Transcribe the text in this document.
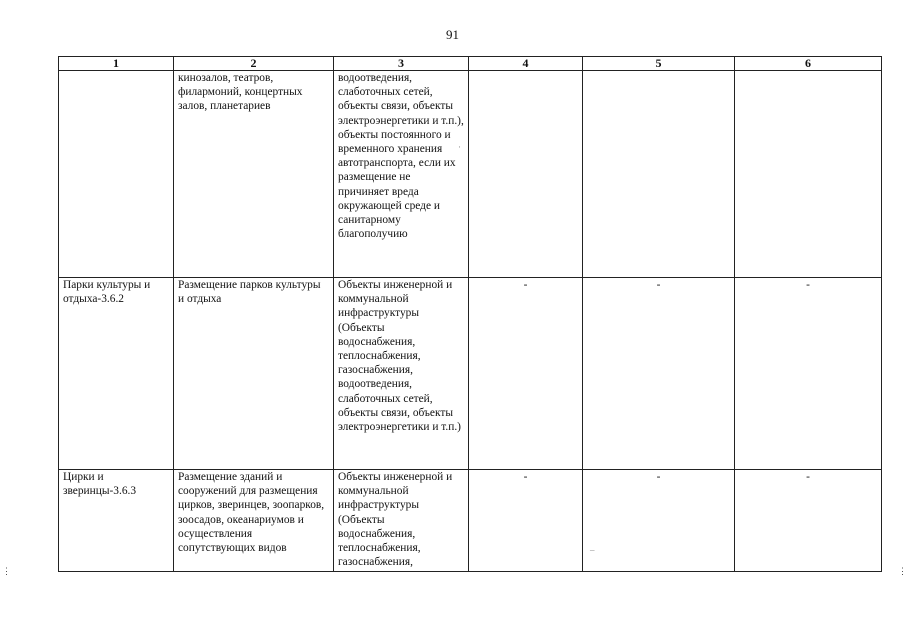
91
1	2	3	4	5	6
	кинозалов, театров, филармоний, концертных залов, планетариев	водоотведения, слаботочных сетей, объекты связи, объекты электроэнергетики и т.п.), объекты постоянного и временного хранения автотранспорта, если их размещение не причиняет вреда окружающей среде и санитарному благополучию			
Парки культуры и отдыха-3.6.2	Размещение парков культуры и отдыха	Объекты инженерной и коммунальной инфраструктуры (Объекты водоснабжения, теплоснабжения, газоснабжения, водоотведения, слаботочных сетей, объекты связи, объекты электроэнергетики и т.п.)	-	-	-
Цирки и зверинцы-3.6.3	Размещение зданий и сооружений для размещения цирков, зверинцев, зоопарков, зоосадов, океанариумов и осуществления сопутствующих видов	Объекты инженерной и коммунальной инфраструктуры (Объекты водоснабжения, теплоснабжения, газоснабжения,	-	-	-
⋮	⋮
·
–
